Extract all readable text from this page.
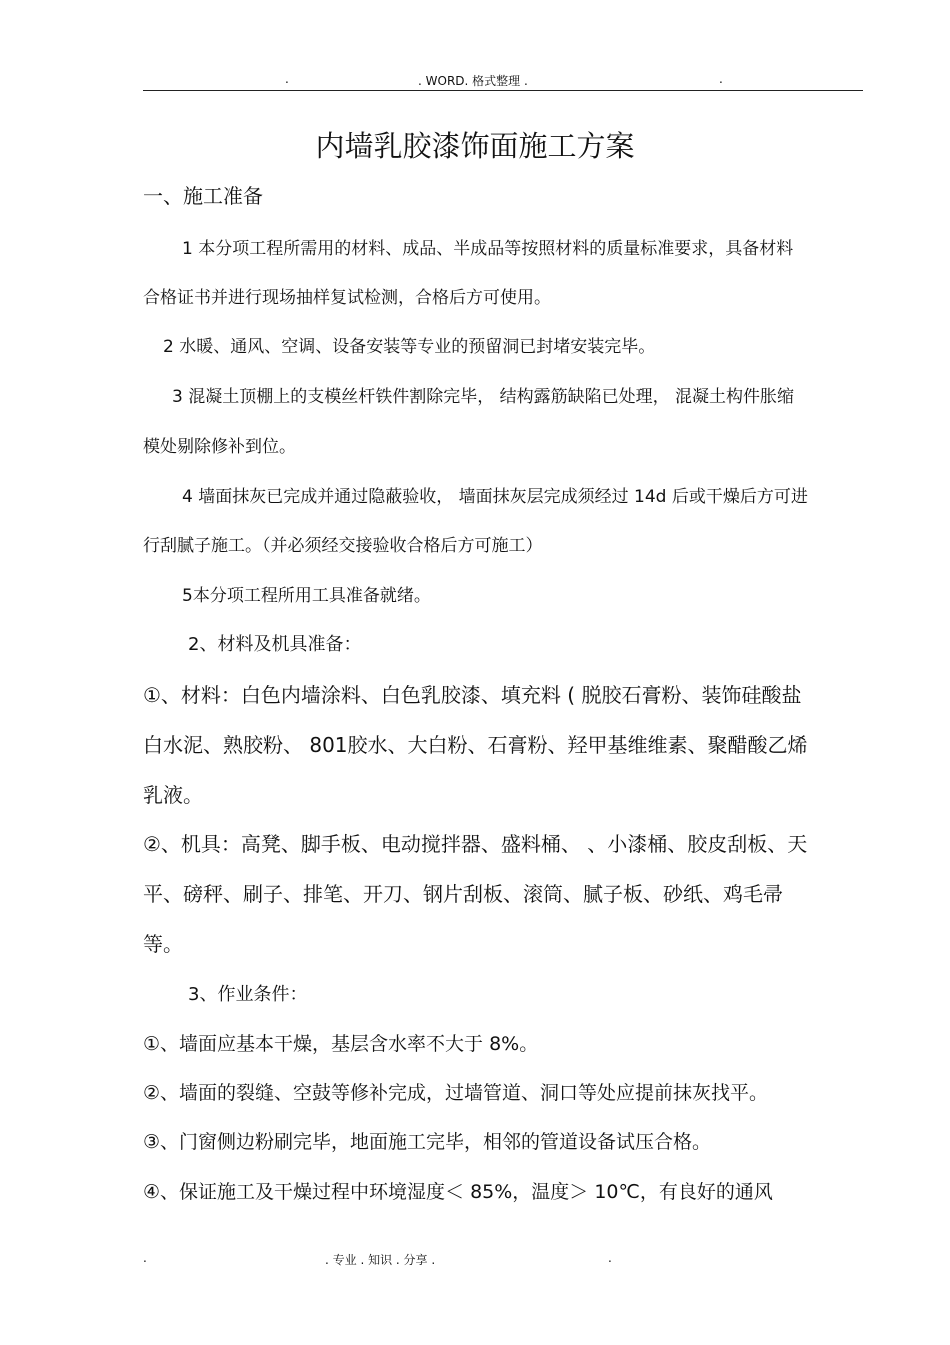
.	. WORD. 格式整理 .	.
内墙乳胶漆饰面施工方案
一、施工准备
1 本分项工程所需用的材料、成品、半成品等按照材料的质量标准要求，具备材料
合格证书并进行现场抽样复试检测，合格后方可使用。
2 水暖、通风、空调、设备安装等专业的预留洞已封堵安装完毕。
3 混凝土顶棚上的支模丝杆铁件割除完毕， 结构露筋缺陷已处理， 混凝土构件胀缩
模处剔除修补到位。
4 墙面抹灰已完成并通过隐蔽验收， 墙面抹灰层完成须经过 14d 后或干燥后方可进
行刮腻子施工。（并必须经交接验收合格后方可施工）
5本分项工程所用工具准备就绪。
2、材料及机具准备：
①、材料：白色内墙涂料、白色乳胶漆、填充料 ( 脱胶石膏粉、装饰硅酸盐
白水泥、熟胶粉、 801胶水、大白粉、石膏粉、羟甲基维维素、聚醋酸乙烯
乳液。
②、机具：高凳、脚手板、电动搅拌器、盛料桶、 、小漆桶、胶皮刮板、天
平、磅秤、刷子、排笔、开刀、钢片刮板、滚筒、腻子板、砂纸、鸡毛帚
等。
3、作业条件：
①、墙面应基本干燥，基层含水率不大于 8%。
②、墙面的裂缝、空鼓等修补完成，过墙管道、洞口等处应提前抹灰找平。
③、门窗侧边粉刷完毕，地面施工完毕，相邻的管道设备试压合格。
④、保证施工及干燥过程中环境湿度＜ 85%，温度＞ 10℃，有良好的通风
.	. 专业 . 知识 . 分享 .	.
